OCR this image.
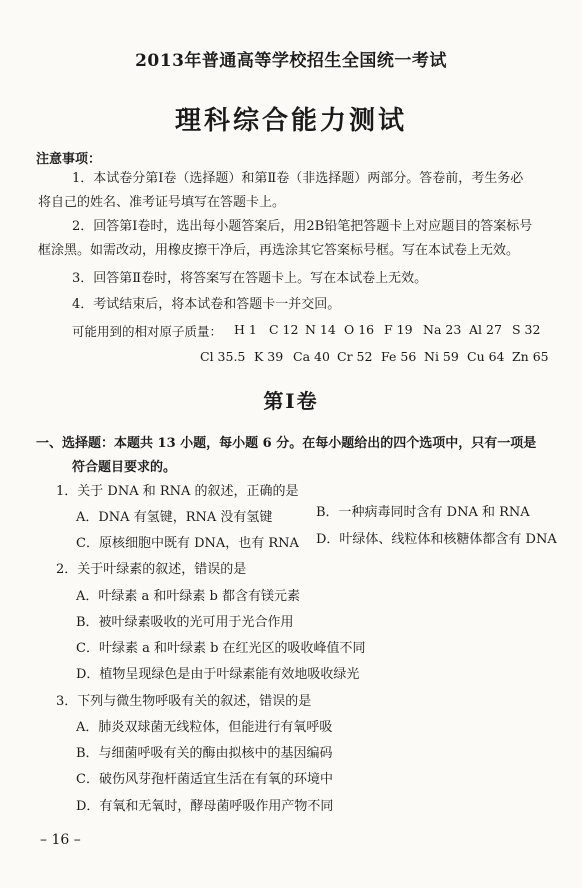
2013年普通高等学校招生全国统一考试
理科综合能力测试
注意事项：
1．本试卷分第Ⅰ卷（选择题）和第Ⅱ卷（非选择题）两部分。答卷前，考生务必
将自己的姓名、准考证号填写在答题卡上。
2．回答第Ⅰ卷时，选出每小题答案后，用2B铅笔把答题卡上对应题目的答案标号
框涂黑。如需改动，用橡皮擦干净后，再选涂其它答案标号框。写在本试卷上无效。
3．回答第Ⅱ卷时，将答案写在答题卡上。写在本试卷上无效。
4．考试结束后，将本试卷和答题卡一并交回。
可能用到的相对原子质量： H 1 C 12 N 14 O 16 F 19 Na 23 Al 27 S 32
Cl 35.5 K 39 Ca 40 Cr 52 Fe 56 Ni 59 Cu 64 Zn 65
第Ⅰ卷
一、选择题：本题共 13 小题，每小题 6 分。在每小题给出的四个选项中，只有一项是
符合题目要求的。
1．关于 DNA 和 RNA 的叙述，正确的是
A．DNA 有氢键，RNA 没有氢键	B．一种病毒同时含有 DNA 和 RNA
C．原核细胞中既有 DNA，也有 RNA D．叶绿体、线粒体和核糖体都含有 DNA
2．关于叶绿素的叙述，错误的是
A．叶绿素 a 和叶绿素 b 都含有镁元素
B．被叶绿素吸收的光可用于光合作用
C．叶绿素 a 和叶绿素 b 在红光区的吸收峰值不同
D．植物呈现绿色是由于叶绿素能有效地吸收绿光
3．下列与微生物呼吸有关的叙述，错误的是
A．肺炎双球菌无线粒体，但能进行有氧呼吸
B．与细菌呼吸有关的酶由拟核中的基因编码
C．破伤风芽孢杆菌适宜生活在有氧的环境中
D．有氧和无氧时，酵母菌呼吸作用产物不同
– 16 –
